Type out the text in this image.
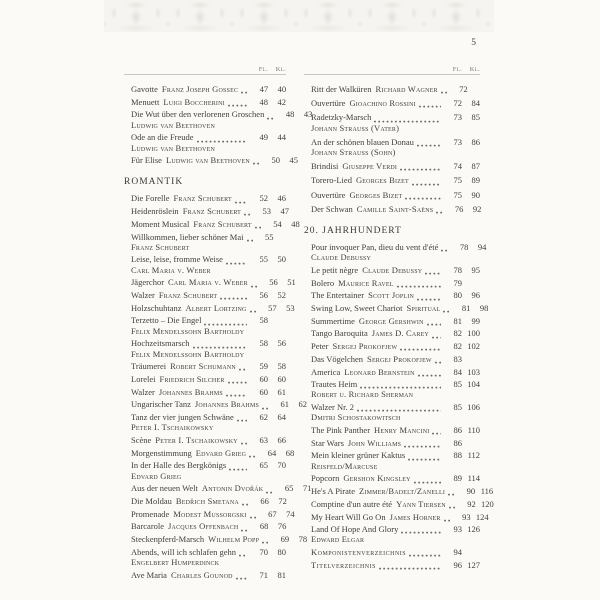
5
Fl.	Kl.
Gavotte Franz Joseph Gossec	47	40
Menuett Luigi Boccherini	48	42
Die Wut über den verlorenen Groschen	48	43
Ludwig van Beethoven
Ode an die Freude	49	44
Ludwig van Beethoven
Für Elise Ludwig van Beethoven	50	45
ROMANTIK
Die Forelle Franz Schubert	52	46
Heidenröslein Franz Schubert	53	47
Moment Musical Franz Schubert	54	48
Willkommen, lieber schöner Mai	55
Franz Schubert
Leise, leise, fromme Weise	55	50
Carl Maria v. Weber
Jägerchor Carl Maria v. Weber	56	51
Walzer Franz Schubert	56	52
Holzschuhtanz Albert Lortzing	57	53
Terzetto – Die Engel	58
Felix Mendelssohn Bartholdy
Hochzeitsmarsch	58	56
Felix Mendelssohn Bartholdy
Träumerei Robert Schumann	59	58
Lorelei Friedrich Silcher	60	60
Walzer Johannes Brahms	60	61
Ungarischer Tanz Johannes Brahms	61	62
Tanz der vier jungen Schwäne	62	64
Peter I. Tschaikowsky
Scène Peter I. Tschaikowsky	63	66
Morgenstimmung Edvard Grieg	64	68
In der Halle des Bergkönigs	65	70
Edvard Grieg
Aus der neuen Welt Antonin Dvořák	65	71
Die Moldau Bedřich Smetana	66	72
Promenade Modest Mussorgski	67	74
Barcarole Jacques Offenbach	68	76
Steckenpferd-Marsch Wilhelm Popp	69	78
Abends, will ich schlafen gehn	70	80
Engelbert Humperdinck
Ave Maria Charles Gounod	71	81
Fl.	Kl.
Ritt der Walküren Richard Wagner	72
Ouvertüre Gioachino Rossini	72	84
Radetzky-Marsch	73	85
Johann Strauss (Vater)
An der schönen blauen Donau	73	86
Johann Strauss (Sohn)
Brindisi Giuseppe Verdi	74	87
Torero-Lied Georges Bizet	75	89
Ouvertüre Georges Bizet	75	90
Der Schwan Camille Saint-Saëns	76	92
20. JAHRHUNDERT
Pour invoquer Pan, dieu du vent d'été	78	94
Claude Debussy
Le petit nègre Claude Debussy	78	95
Bolero Maurice Ravel	79
The Entertainer Scott Joplin	80	96
Swing Low, Sweet Chariot Spiritual	81	98
Summertime George Gershwin	81	99
Tango Baroquita James D. Carey	82 100
Peter Sergej Prokofjew	82 102
Das Vögelchen Sergej Prokofjew	83
America Leonard Bernstein	84 103
Trautes Heim	85 104
Robert u. Richard Sherman
Walzer Nr. 2	85 106
Dmitri Schostakowitsch
The Pink Panther Henry Mancini	86 110
Star Wars John Williams	86
Mein kleiner grüner Kaktus	88 112
Reisfeld/Marcuse
Popcorn Gershon Kingsley	89 114
He's A Pirate Zimmer/Badelt/Zanelli	90 116
Comptine d'un autre été Yann Tiersen	92 120
My Heart Will Go On James Horner	93 124
Land Of Hope And Glory	93 126
Edward Elgar
Komponistenverzeichnis	94
Titelverzeichnis	96 127
